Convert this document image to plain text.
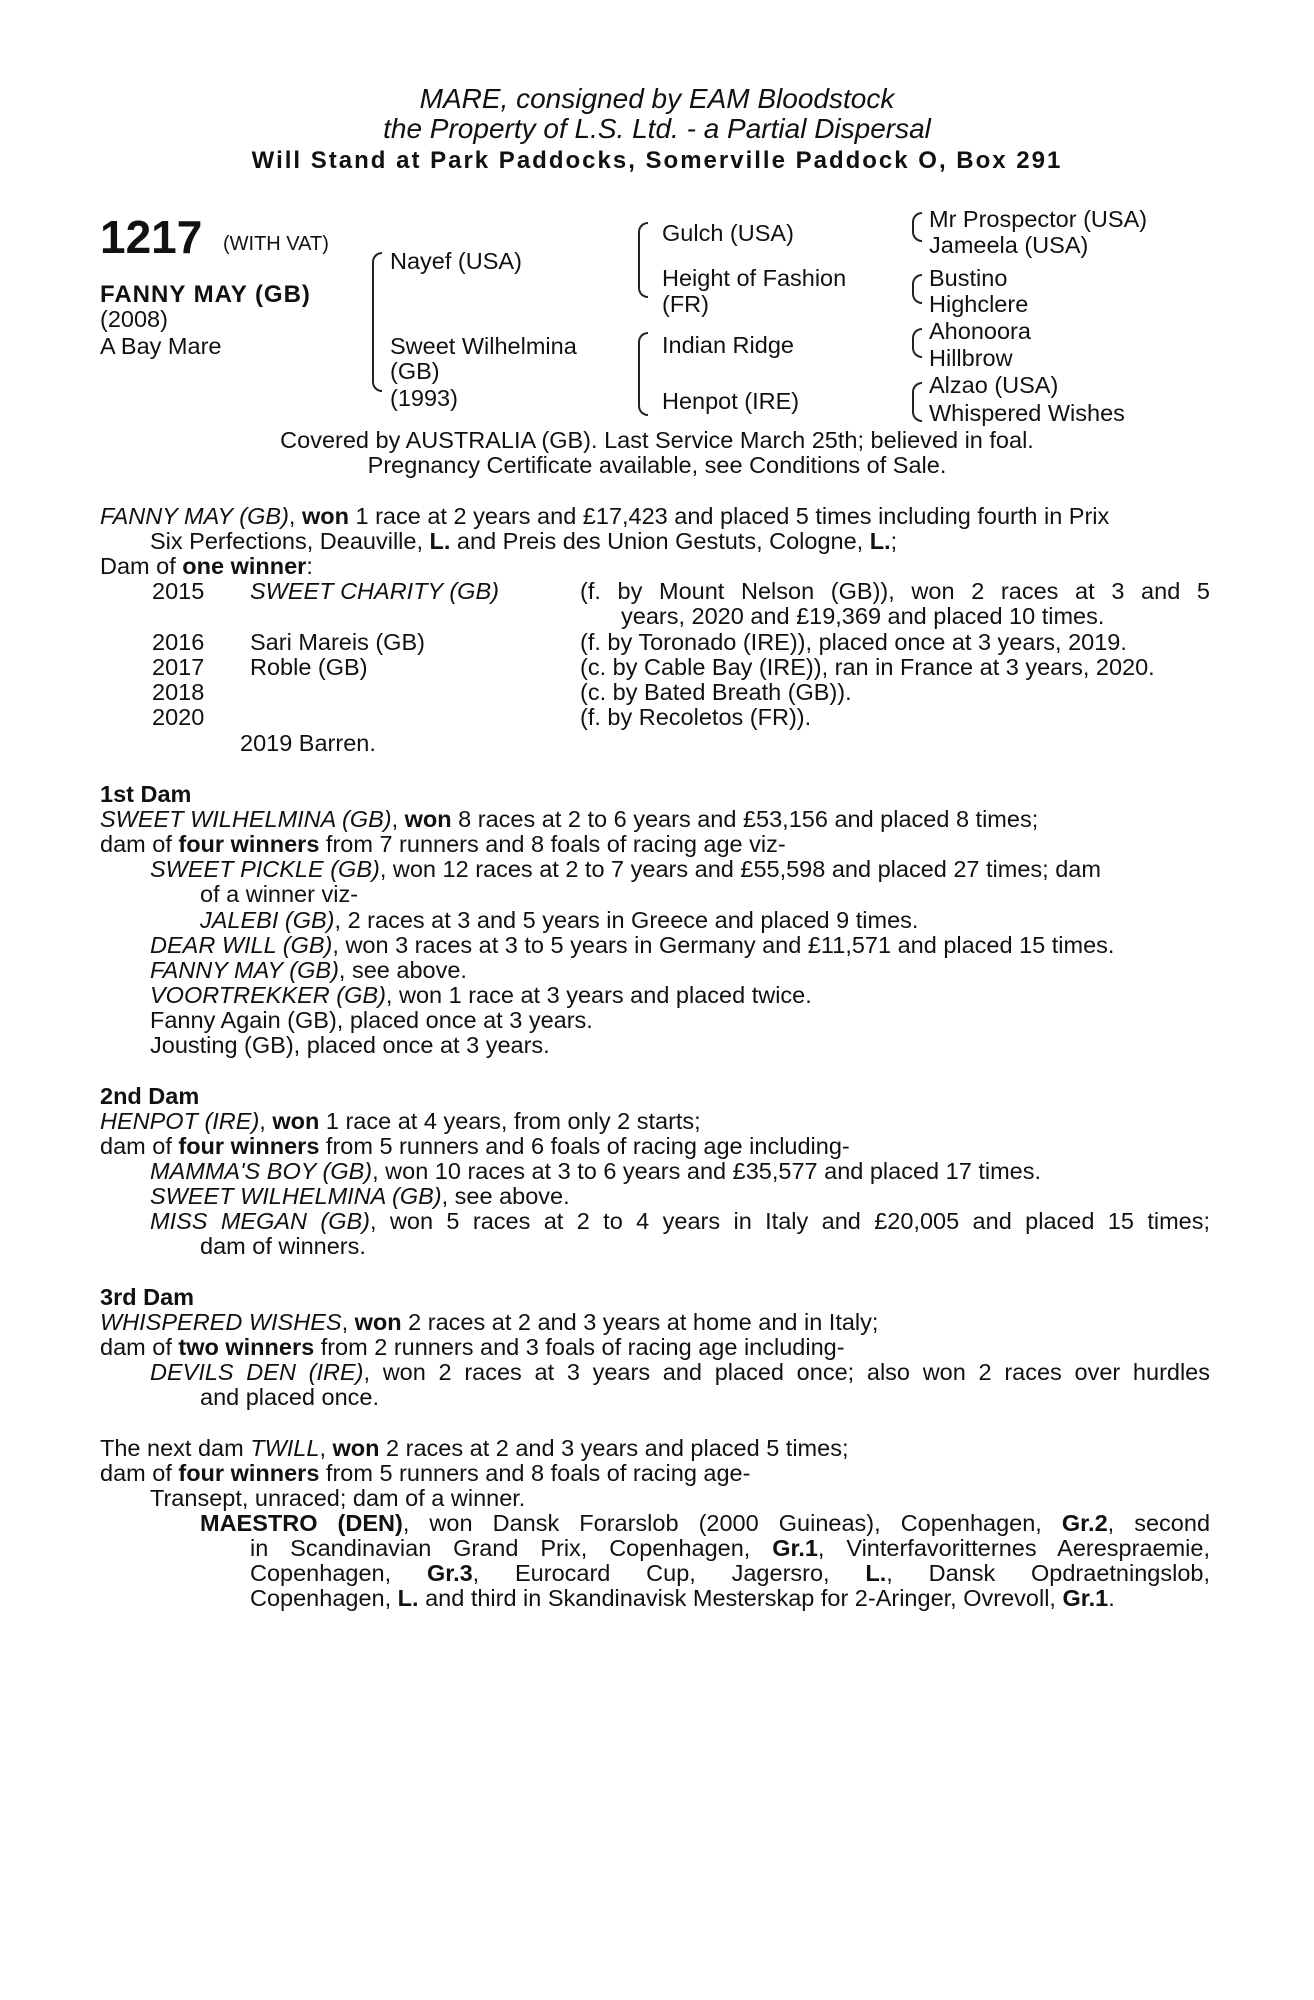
MARE, consigned by EAM Bloodstock
the Property of L.S. Ltd. - a Partial Dispersal
Will Stand at Park Paddocks, Somerville Paddock O, Box 291
1217 (WITH VAT)
FANNY MAY (GB)
(2008)
A Bay Mare
Nayef (USA)
Sweet Wilhelmina
(GB)
(1993)
Gulch (USA)
Height of Fashion
(FR)
Indian Ridge
Henpot (IRE)
Mr Prospector (USA)
Jameela (USA)
Bustino
Highclere
Ahonoora
Hillbrow
Alzao (USA)
Whispered Wishes
Covered by AUSTRALIA (GB). Last Service March 25th; believed in foal.
Pregnancy Certificate available, see Conditions of Sale.
FANNY MAY (GB), won 1 race at 2 years and £17,423 and placed 5 times including fourth in Prix
Six Perfections, Deauville, L. and Preis des Union Gestuts, Cologne, L.;
Dam of one winner:
2015 SWEET CHARITY (GB)	(f. by Mount Nelson (GB)), won 2 races at 3 and 5
years, 2020 and £19,369 and placed 10 times.
2016 Sari Mareis (GB)	(f. by Toronado (IRE)), placed once at 3 years, 2019.
2017 Roble (GB)	(c. by Cable Bay (IRE)), ran in France at 3 years, 2020.
2018	(c. by Bated Breath (GB)).
2020	(f. by Recoletos (FR)).
2019 Barren.
1st Dam
SWEET WILHELMINA (GB), won 8 races at 2 to 6 years and £53,156 and placed 8 times;
dam of four winners from 7 runners and 8 foals of racing age viz-
SWEET PICKLE (GB), won 12 races at 2 to 7 years and £55,598 and placed 27 times; dam
of a winner viz-
JALEBI (GB), 2 races at 3 and 5 years in Greece and placed 9 times.
DEAR WILL (GB), won 3 races at 3 to 5 years in Germany and £11,571 and placed 15 times.
FANNY MAY (GB), see above.
VOORTREKKER (GB), won 1 race at 3 years and placed twice.
Fanny Again (GB), placed once at 3 years.
Jousting (GB), placed once at 3 years.
2nd Dam
HENPOT (IRE), won 1 race at 4 years, from only 2 starts;
dam of four winners from 5 runners and 6 foals of racing age including-
MAMMA'S BOY (GB), won 10 races at 3 to 6 years and £35,577 and placed 17 times.
SWEET WILHELMINA (GB), see above.
MISS MEGAN (GB), won 5 races at 2 to 4 years in Italy and £20,005 and placed 15 times;
dam of winners.
3rd Dam
WHISPERED WISHES, won 2 races at 2 and 3 years at home and in Italy;
dam of two winners from 2 runners and 3 foals of racing age including-
DEVILS DEN (IRE), won 2 races at 3 years and placed once; also won 2 races over hurdles
and placed once.
The next dam TWILL, won 2 races at 2 and 3 years and placed 5 times;
dam of four winners from 5 runners and 8 foals of racing age-
Transept, unraced; dam of a winner.
MAESTRO (DEN), won Dansk Forarslob (2000 Guineas), Copenhagen, Gr.2, second
in Scandinavian Grand Prix, Copenhagen, Gr.1, Vinterfavoritternes Aerespraemie,
Copenhagen, Gr.3, Eurocard Cup, Jagersro, L., Dansk Opdraetningslob,
Copenhagen, L. and third in Skandinavisk Mesterskap for 2-Aringer, Ovrevoll, Gr.1.
